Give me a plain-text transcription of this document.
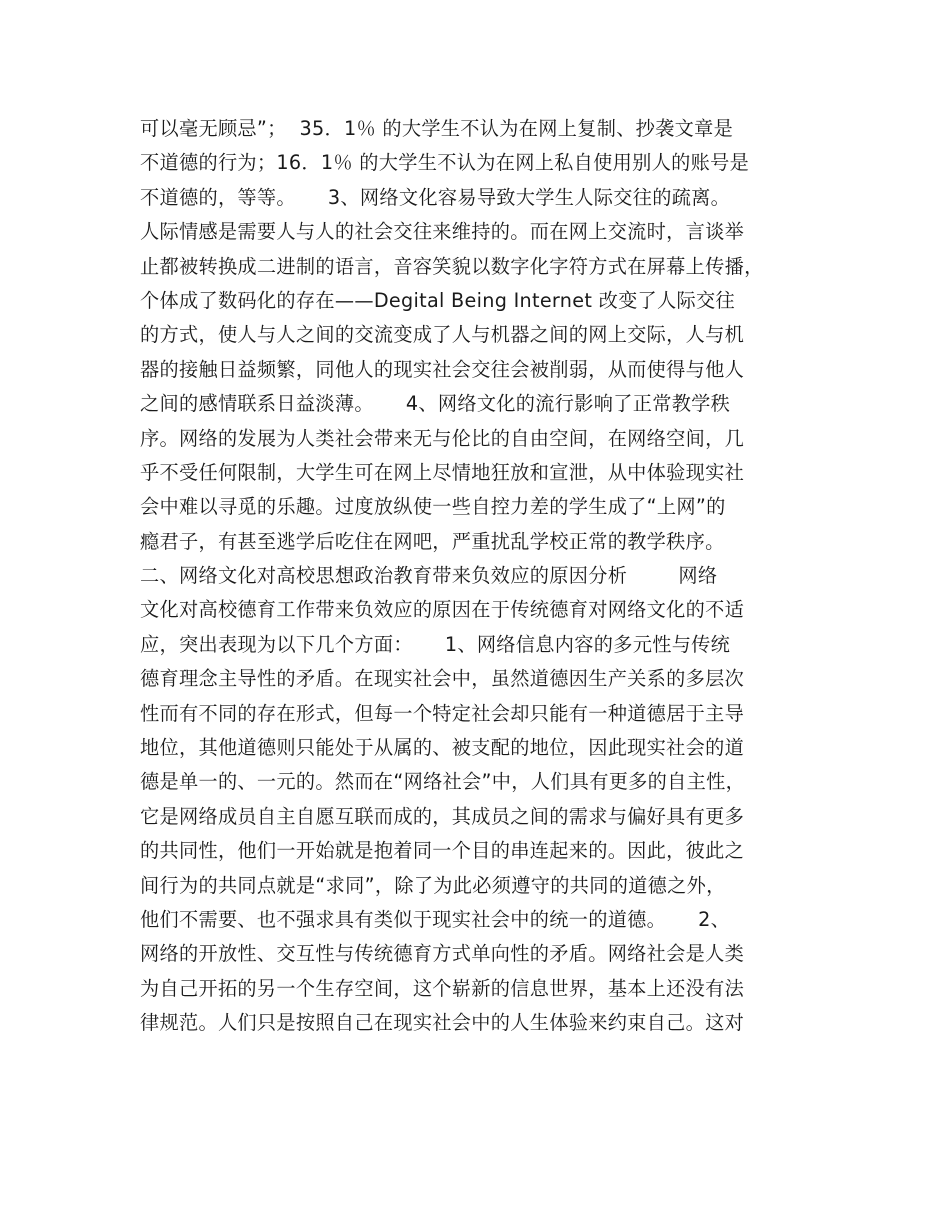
可以毫无顾忌”；  35．1％ 的大学生不认为在网上复制、抄袭文章是
不道德的行为；16．1％ 的大学生不认为在网上私自使用别人的账号是
不道德的，等等。     3、网络文化容易导致大学生人际交往的疏离。
人际情感是需要人与人的社会交往来维持的。而在网上交流时，言谈举
止都被转换成二进制的语言，音容笑貌以数字化字符方式在屏幕上传播，
个体成了数码化的存在——Degital Being Internet 改变了人际交往
的方式，使人与人之间的交流变成了人与机器之间的网上交际，人与机
器的接触日益频繁，同他人的现实社会交往会被削弱，从而使得与他人
之间的感情联系日益淡薄。     4、网络文化的流行影响了正常教学秩
序。网络的发展为人类社会带来无与伦比的自由空间，在网络空间，几
乎不受任何限制，大学生可在网上尽情地狂放和宣泄，从中体验现实社
会中难以寻觅的乐趣。过度放纵使一些自控力差的学生成了“上网”的
瘾君子，有甚至逃学后吃住在网吧，严重扰乱学校正常的教学秩序。
二、网络文化对高校思想政治教育带来负效应的原因分析        网络
文化对高校德育工作带来负效应的原因在于传统德育对网络文化的不适
应，突出表现为以下几个方面：     1、网络信息内容的多元性与传统
德育理念主导性的矛盾。在现实社会中，虽然道德因生产关系的多层次
性而有不同的存在形式，但每一个特定社会却只能有一种道德居于主导
地位，其他道德则只能处于从属的、被支配的地位，因此现实社会的道
德是单一的、一元的。然而在“网络社会”中，人们具有更多的自主性，
它是网络成员自主自愿互联而成的，其成员之间的需求与偏好具有更多
的共同性，他们一开始就是抱着同一个目的串连起来的。因此，彼此之
间行为的共同点就是“求同”，除了为此必须遵守的共同的道德之外，
他们不需要、也不强求具有类似于现实社会中的统一的道德。     2、
网络的开放性、交互性与传统德育方式单向性的矛盾。网络社会是人类
为自己开拓的另一个生存空间，这个崭新的信息世界，基本上还没有法
律规范。人们只是按照自己在现实社会中的人生体验来约束自己。这对
